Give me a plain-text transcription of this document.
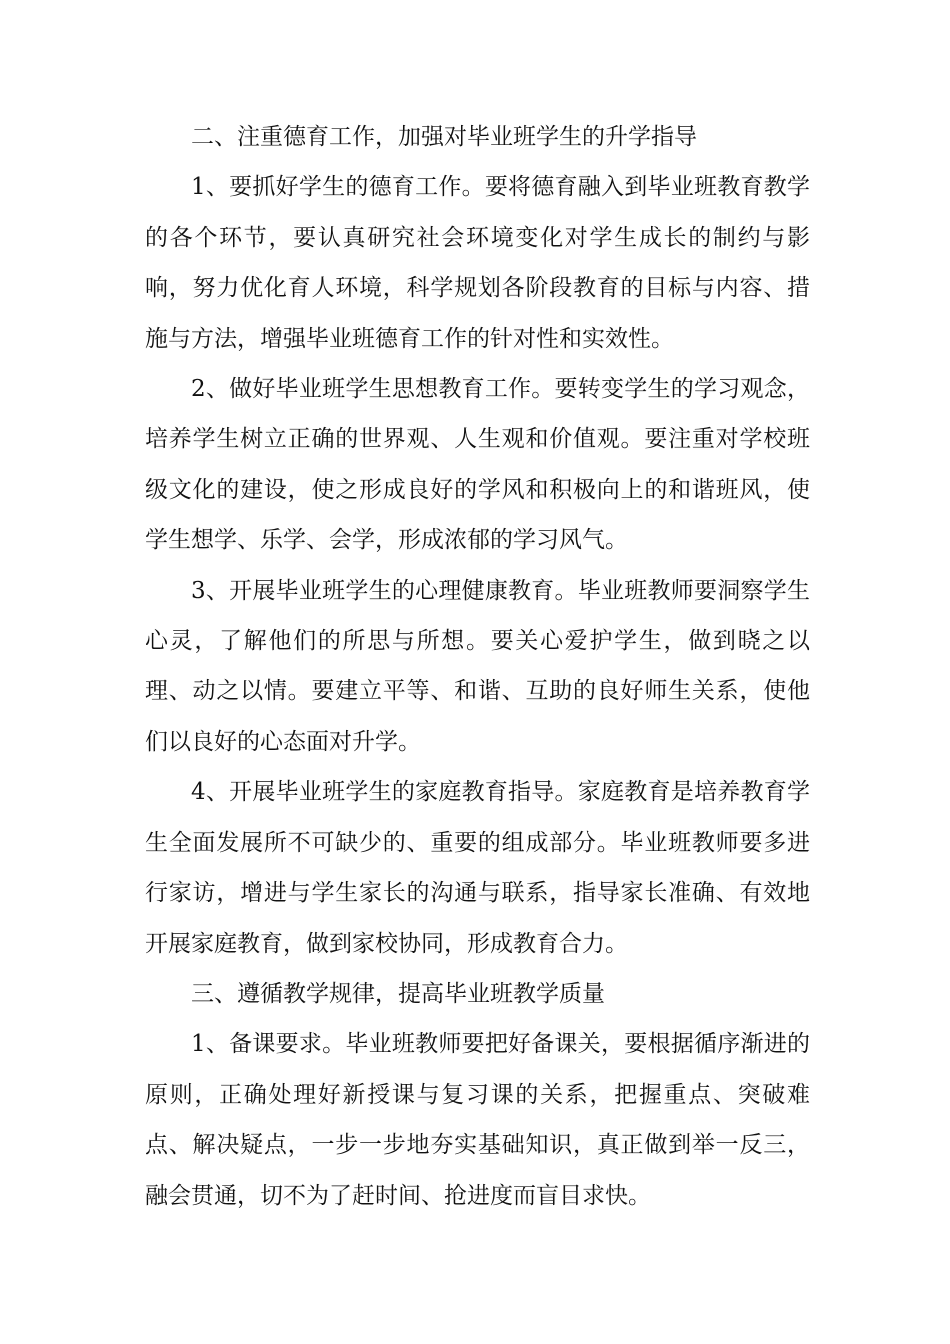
二、注重德育工作，加强对毕业班学生的升学指导

1、要抓好学生的德育工作。要将德育融入到毕业班教育教学的各个环节，要认真研究社会环境变化对学生成长的制约与影响，努力优化育人环境，科学规划各阶段教育的目标与内容、措施与方法，增强毕业班德育工作的针对性和实效性。

2、做好毕业班学生思想教育工作。要转变学生的学习观念，培养学生树立正确的世界观、人生观和价值观。要注重对学校班级文化的建设，使之形成良好的学风和积极向上的和谐班风，使学生想学、乐学、会学，形成浓郁的学习风气。

3、开展毕业班学生的心理健康教育。毕业班教师要洞察学生心灵，了解他们的所思与所想。要关心爱护学生，做到晓之以理、动之以情。要建立平等、和谐、互助的良好师生关系，使他们以良好的心态面对升学。

4、开展毕业班学生的家庭教育指导。家庭教育是培养教育学生全面发展所不可缺少的、重要的组成部分。毕业班教师要多进行家访，增进与学生家长的沟通与联系，指导家长准确、有效地开展家庭教育，做到家校协同，形成教育合力。

三、遵循教学规律，提高毕业班教学质量

1、备课要求。毕业班教师要把好备课关，要根据循序渐进的原则，正确处理好新授课与复习课的关系，把握重点、突破难点、解决疑点，一步一步地夯实基础知识，真正做到举一反三，融会贯通，切不为了赶时间、抢进度而盲目求快。
